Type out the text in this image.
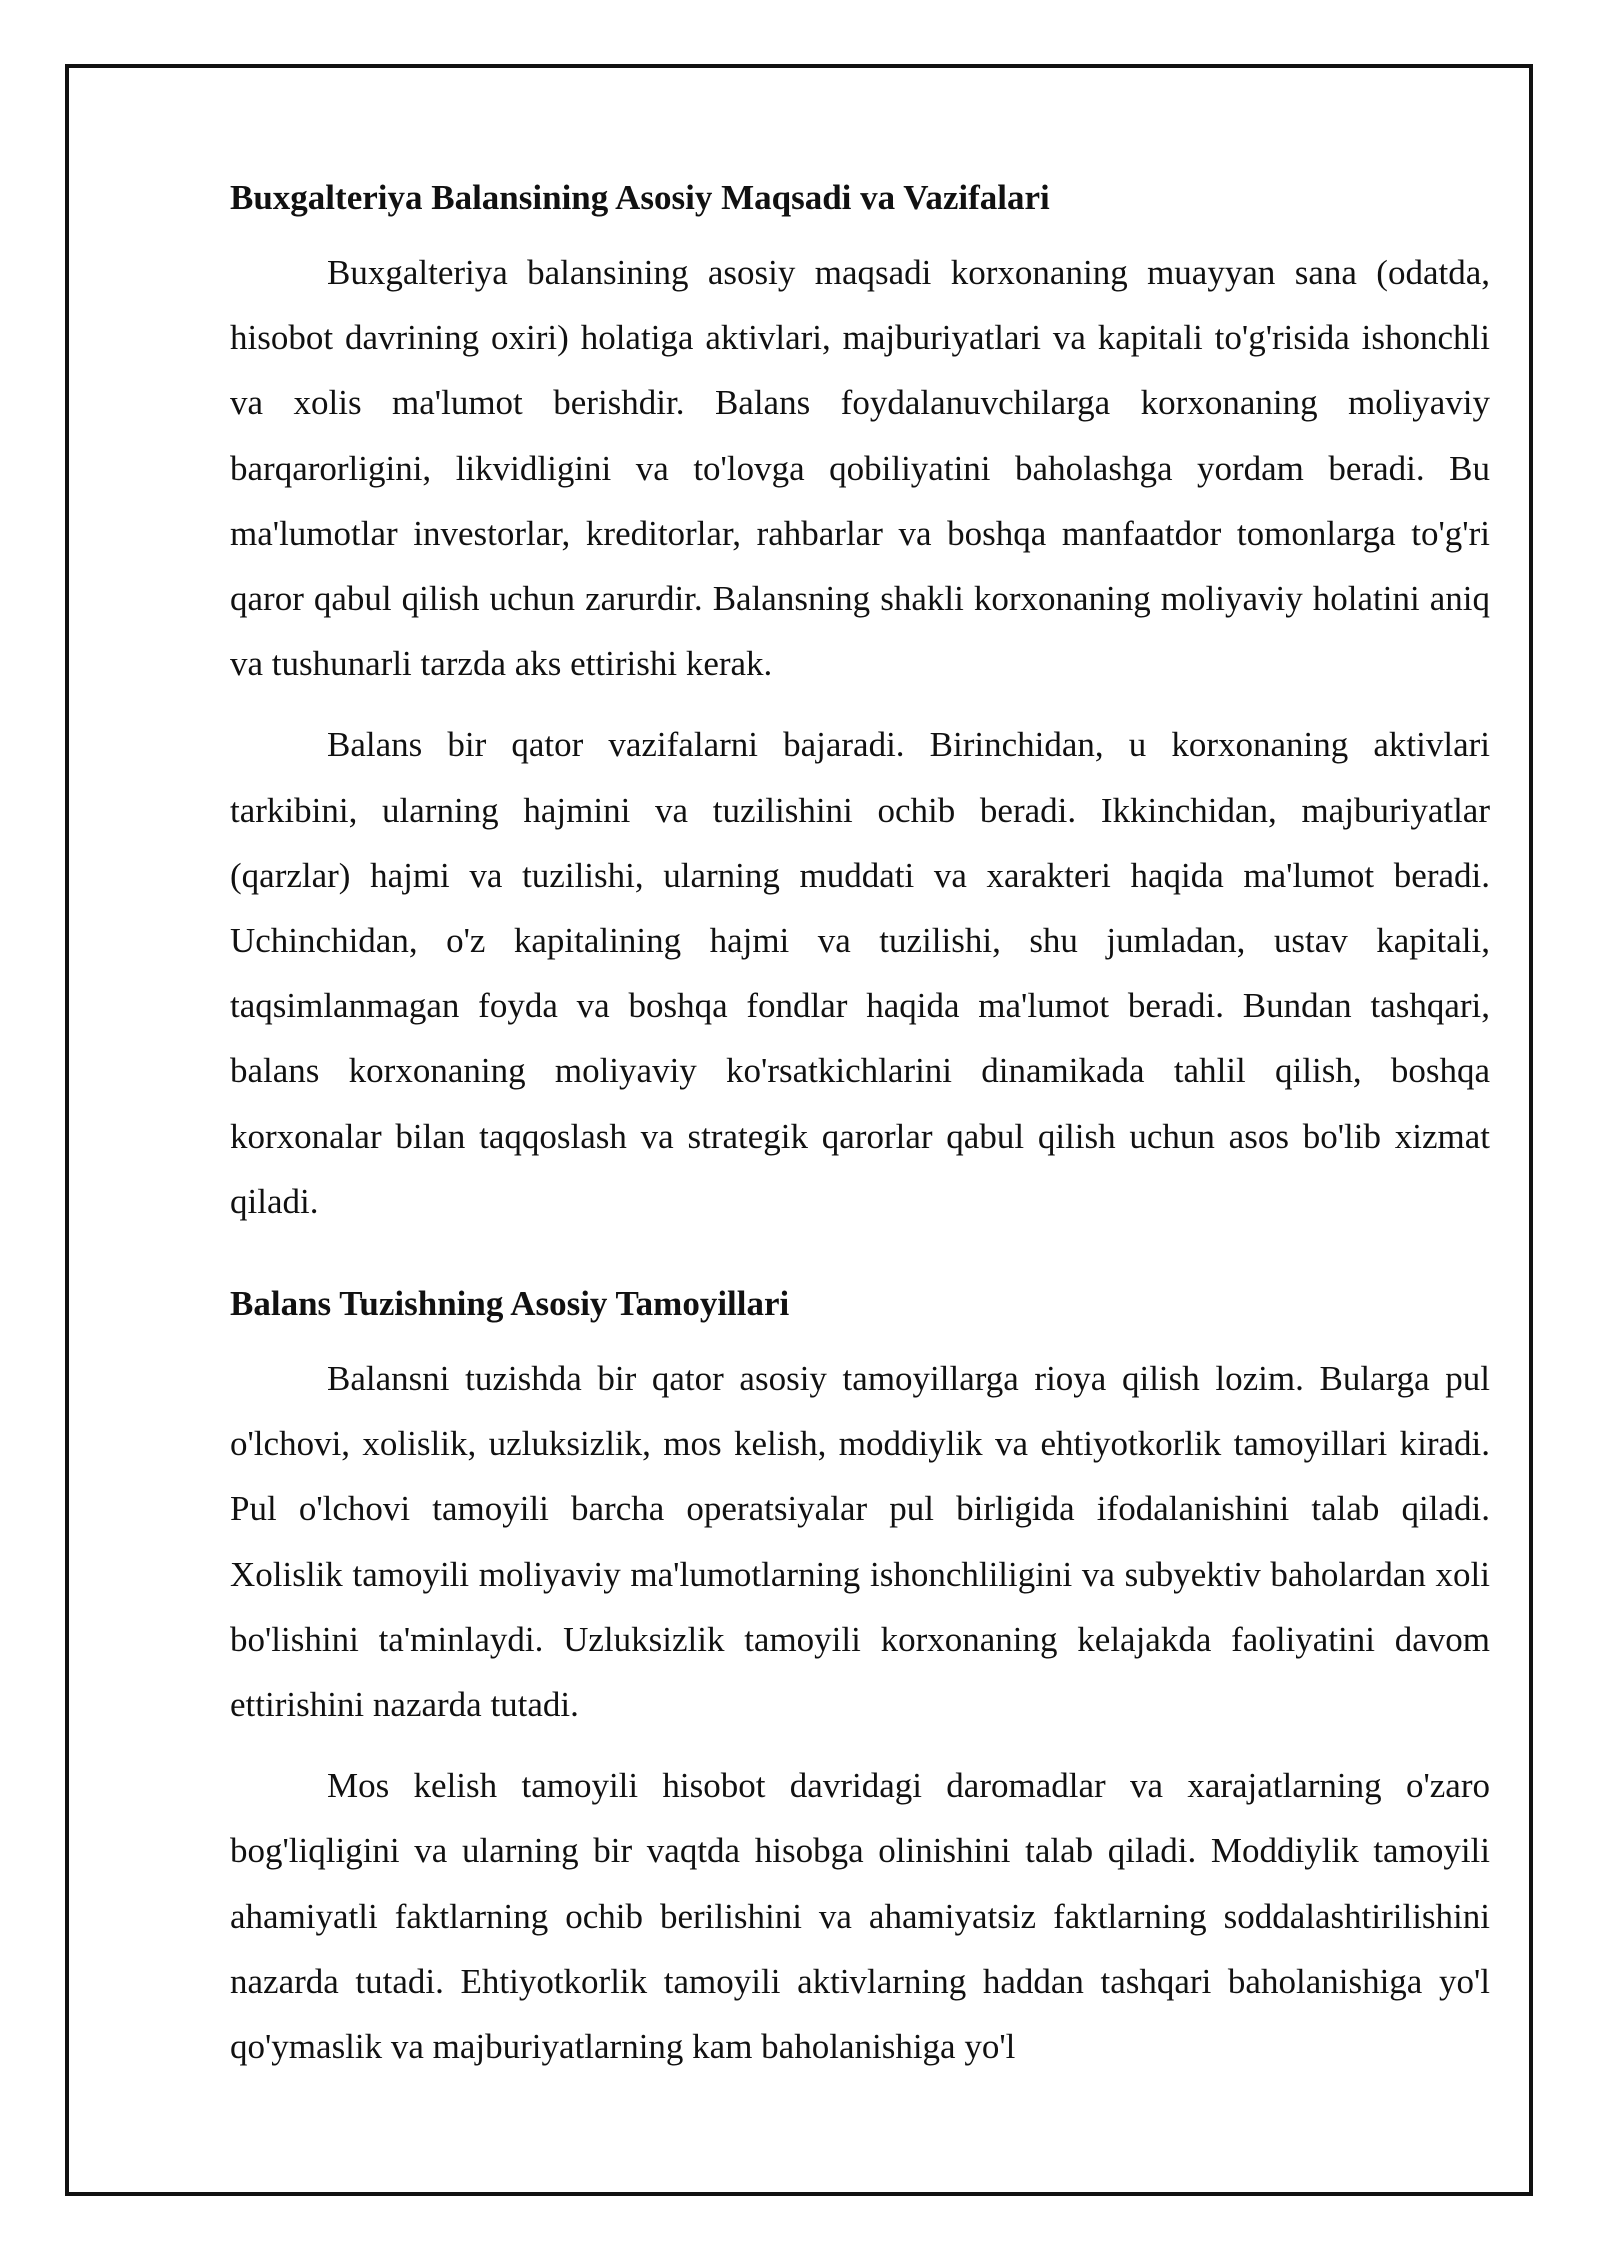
Buxgalteriya Balansining Asosiy Maqsadi va Vazifalari

Buxgalteriya balansining asosiy maqsadi korxonaning muayyan sana (odatda, hisobot davrining oxiri) holatiga aktivlari, majburiyatlari va kapitali to'g'risida ishonchli va xolis ma'lumot berishdir. Balans foydalanuvchilarga korxonaning moliyaviy barqarorligini, likvidligini va to'lovga qobiliyatini baholashga yordam beradi. Bu ma'lumotlar investorlar, kreditorlar, rahbarlar va boshqa manfaatdor tomonlarga to'g'ri qaror qabul qilish uchun zarurdir. Balansning shakli korxonaning moliyaviy holatini aniq va tushunarli tarzda aks ettirishi kerak.

Balans bir qator vazifalarni bajaradi. Birinchidan, u korxonaning aktivlari tarkibini, ularning hajmini va tuzilishini ochib beradi. Ikkinchidan, majburiyatlar (qarzlar) hajmi va tuzilishi, ularning muddati va xarakteri haqida ma'lumot beradi. Uchinchidan, o'z kapitalining hajmi va tuzilishi, shu jumladan, ustav kapitali, taqsimlanmagan foyda va boshqa fondlar haqida ma'lumot beradi. Bundan tashqari, balans korxonaning moliyaviy ko'rsatkichlarini dinamikada tahlil qilish, boshqa korxonalar bilan taqqoslash va strategik qarorlar qabul qilish uchun asos bo'lib xizmat qiladi.

Balans Tuzishning Asosiy Tamoyillari

Balansni tuzishda bir qator asosiy tamoyillarga rioya qilish lozim. Bularga pul o'lchovi, xolislik, uzluksizlik, mos kelish, moddiylik va ehtiyotkorlik tamoyillari kiradi. Pul o'lchovi tamoyili barcha operatsiyalar pul birligida ifodalanishini talab qiladi. Xolislik tamoyili moliyaviy ma'lumotlarning ishonchliligini va subyektiv baholardan xoli bo'lishini ta'minlaydi. Uzluksizlik tamoyili korxonaning kelajakda faoliyatini davom ettirishini nazarda tutadi.

Mos kelish tamoyili hisobot davridagi daromadlar va xarajatlarning o'zaro bog'liqligini va ularning bir vaqtda hisobga olinishini talab qiladi. Moddiylik tamoyili ahamiyatli faktlarning ochib berilishini va ahamiyatsiz faktlarning soddalashtirilishini nazarda tutadi. Ehtiyotkorlik tamoyili aktivlarning haddan tashqari baholanishiga yo'l qo'ymaslik va majburiyatlarning kam baholanishiga yo'l
